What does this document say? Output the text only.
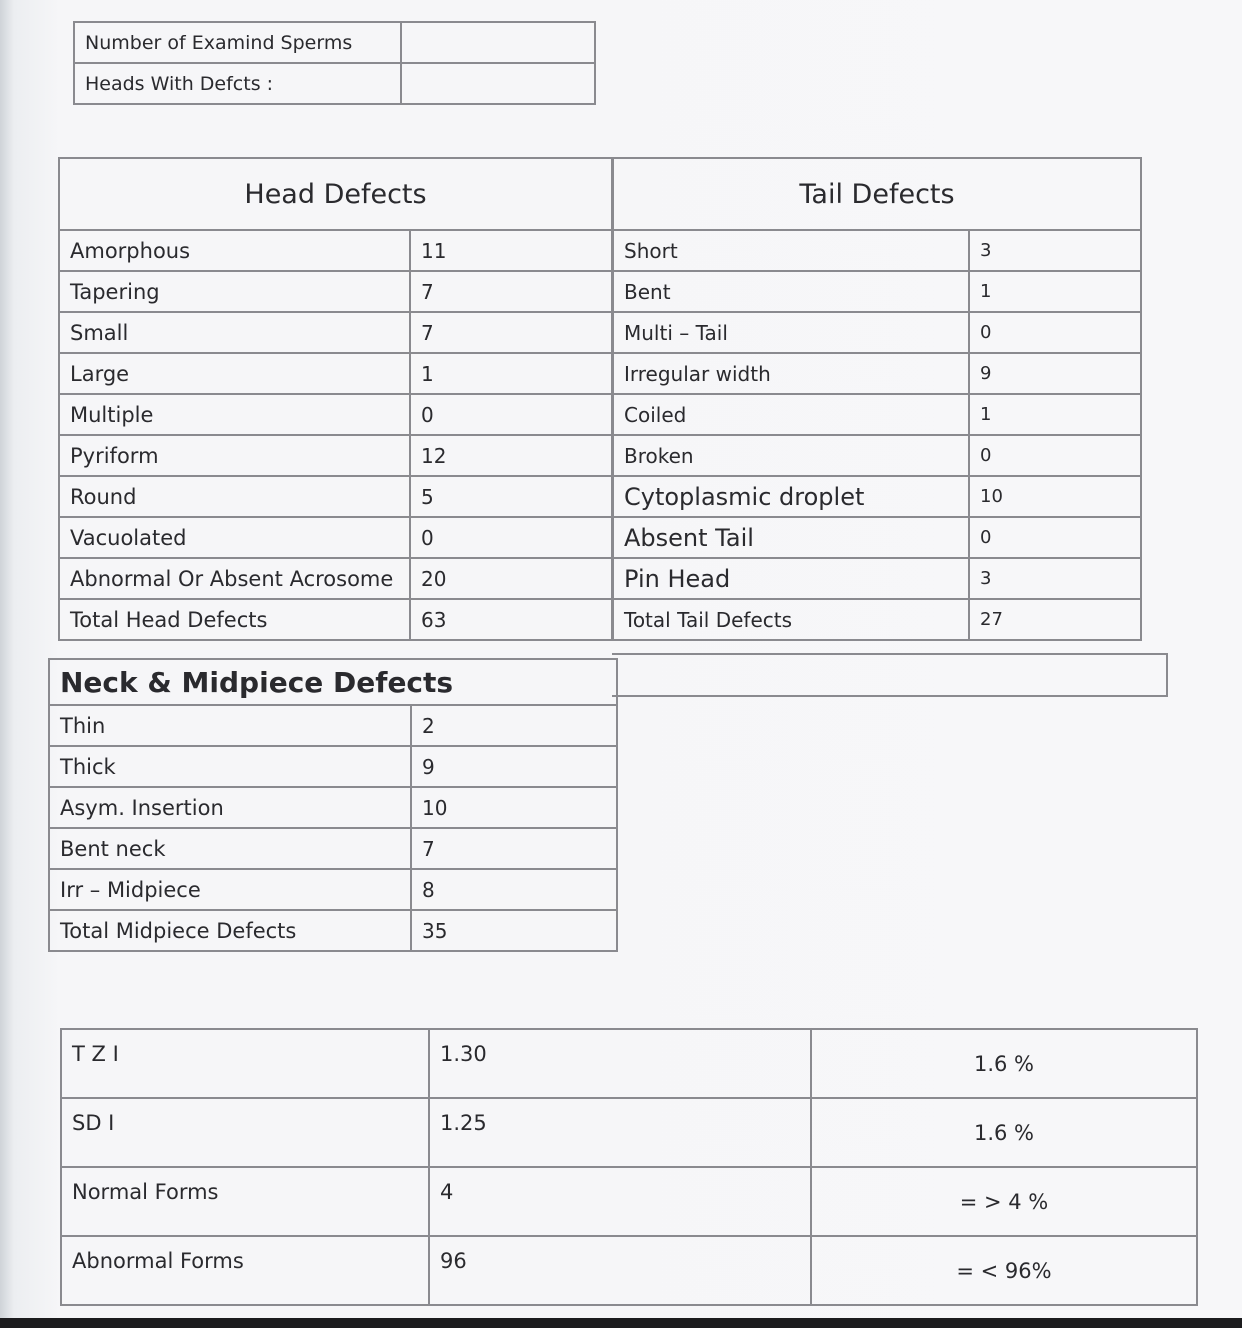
Number of Examind Sperms	
Heads With Defcts :	
Head Defects	
Amorphous	11
Tapering	7
Small	7
Large	1
Multiple	0
Pyriform	12
Round	5
Vacuolated	0
Abnormal Or Absent Acrosome	20
Total Head Defects	63
Tail Defects	
Short	3
Bent	1
Multi – Tail	0
Irregular width	9
Coiled	1
Broken	0
Cytoplasmic droplet	10
Absent Tail	0
Pin Head	3
Total Tail Defects	27
Neck & Midpiece Defects	
Thin	2
Thick	9
Asym. Insertion	10
Bent neck	7
Irr – Midpiece	8
Total Midpiece Defects	35
T Z I	1.30	1.6 %
SD I	1.25	1.6 %
Normal Forms	4	= > 4 %
Abnormal Forms	96	= < 96%
